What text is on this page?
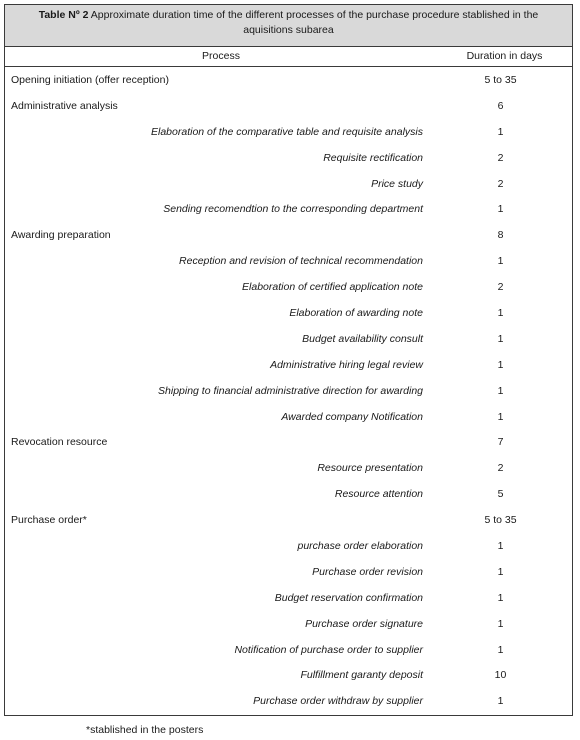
Table Nº 2 Approximate duration time of the different processes of the purchase procedure stablished in the aquisitions subarea
Process	Duration in days
Opening initiation (offer reception)	5 to 35
Administrative analysis	6
Elaboration of the comparative table and requisite analysis	1
Requisite rectification	2
Price study	2
Sending recomendtion to the corresponding department	1
Awarding preparation	8
Reception and revision of technical recommendation	1
Elaboration of certified application note	2
Elaboration of awarding note	1
Budget availability consult	1
Administrative hiring legal review	1
Shipping to financial administrative direction for awarding	1
Awarded company Notification	1
Revocation resource	7
Resource presentation	2
Resource attention	5
Purchase order*	5 to 35
purchase order elaboration	1
Purchase order revision	1
Budget reservation confirmation	1
Purchase order signature	1
Notification of purchase order to supplier	1
Fulfillment garanty deposit	10
Purchase order withdraw by supplier	1
*stablished in the posters
